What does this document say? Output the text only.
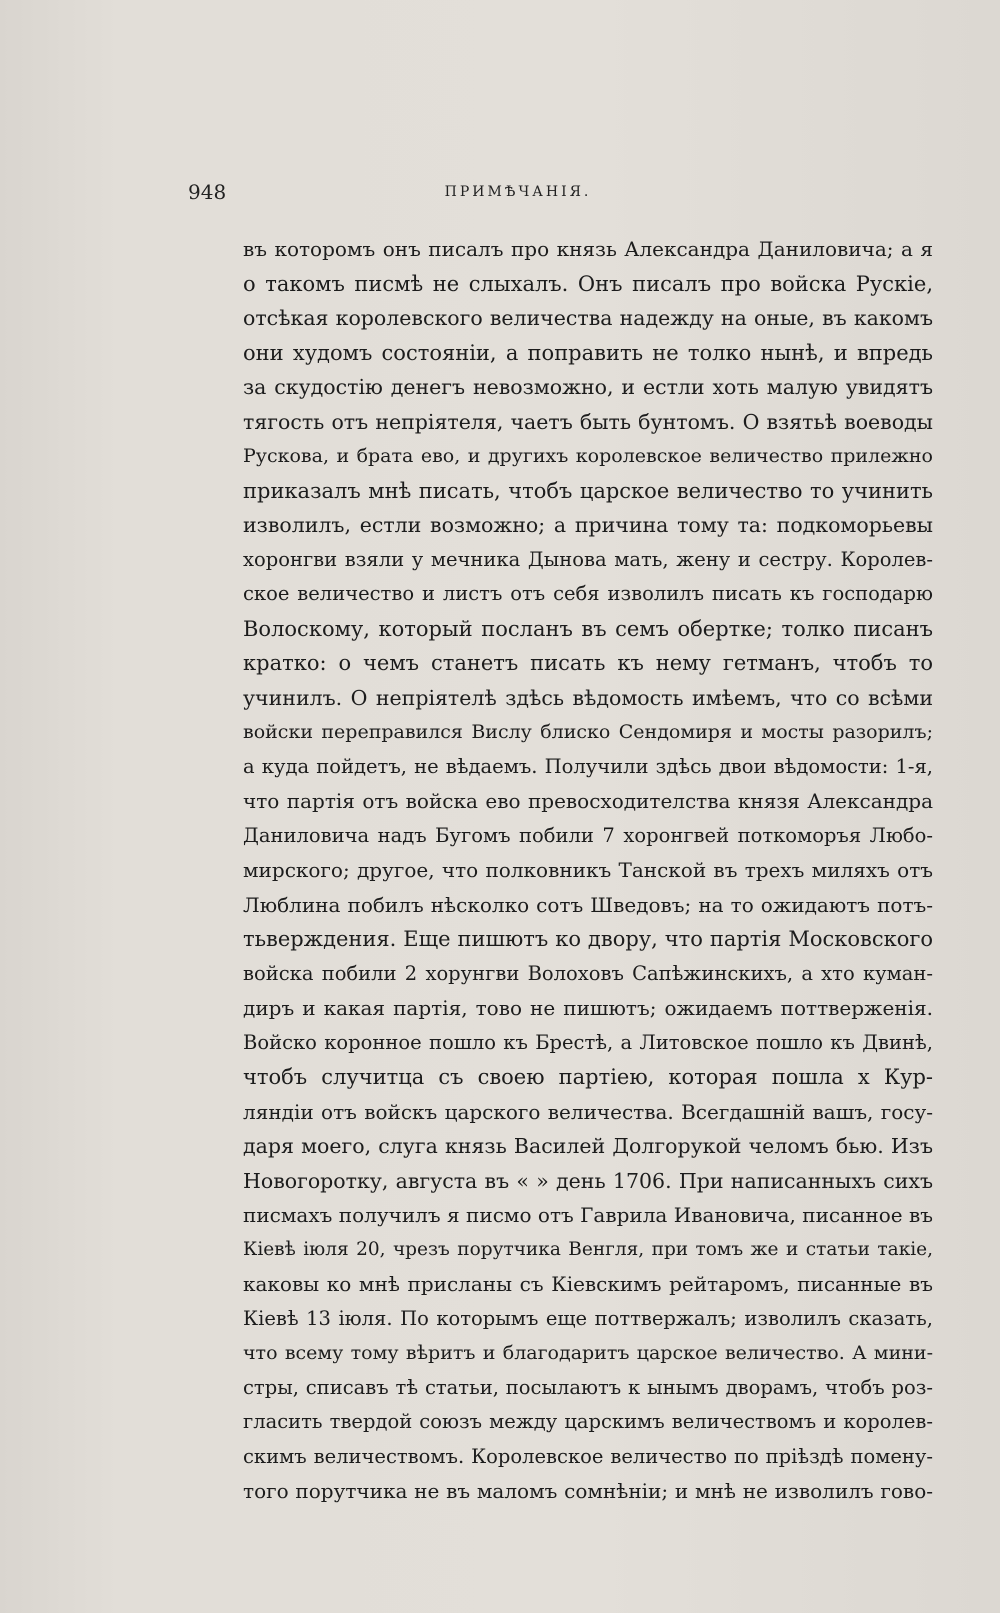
948	ПРИМѢЧАНІЯ.
въ которомъ онъ писалъ про князь Александра Даниловича; а я
о такомъ писмѣ не слыхалъ. Онъ писалъ про войска Рускіе,
отсѣкая королевского величества надежду на оные, въ какомъ
они худомъ состояніи, а поправить не толко нынѣ, и впредь
за скудостію денегъ невозможно, и естли хоть малую увидятъ
тягость отъ непріятеля, чаетъ быть бунтомъ. О взятьѣ воеводы
Рускова, и брата ево, и другихъ королевское величество прилежно
приказалъ мнѣ писать, чтобъ царское величество то учинить
изволилъ, естли возможно; а причина тому та: подкоморьевы
хоронгви взяли у мечника Дынова мать, жену и сестру. Королев-
ское величество и листъ отъ себя изволилъ писать къ господарю
Волоскому, который посланъ въ семъ обертке; толко писанъ
кратко: о чемъ станетъ писать къ нему гетманъ, чтобъ то
учинилъ. О непріятелѣ здѣсь вѣдомость имѣемъ, что со всѣми
войски переправился Вислу блиско Сендомиря и мосты разорилъ;
а куда пойдетъ, не вѣдаемъ. Получили здѣсь двои вѣдомости: 1-я,
что партія отъ войска ево превосходителства князя Александра
Даниловича надъ Бугомъ побили 7 хоронгвей поткоморъя Любо-
мирского; другое, что полковникъ Танской въ трехъ миляхъ отъ
Люблина побилъ нѣсколко сотъ Шведовъ; на то ожидаютъ потъ-
тьверждения. Еще пишютъ ко двору, что партія Московского
войска побили 2 хорунгви Волоховъ Сапѣжинскихъ, а хто куман-
диръ и какая партія, тово не пишютъ; ожидаемъ поттверженія.
Войско коронное пошло къ Брестѣ, а Литовское пошло къ Двинѣ,
чтобъ случитца съ своею партіею, которая пошла х Кур-
ляндіи отъ войскъ царского величества. Всегдашній вашъ, госу-
даря моего, слуга князь Василей Долгорукой челомъ бью. Изъ
Новогоротку, августа въ « » день 1706. При написанныхъ сихъ
писмахъ получилъ я писмо отъ Гаврила Ивановича, писанное въ
Кіевѣ іюля 20, чрезъ порутчика Венгля, при томъ же и статьи такіе,
каковы ко мнѣ присланы съ Кіевскимъ рейтаромъ, писанные въ
Кіевѣ 13 іюля. По которымъ еще поттвержалъ; изволилъ сказать,
что всему тому вѣритъ и благодаритъ царское величество. А мини-
стры, списавъ тѣ статьи, посылаютъ к ынымъ дворамъ, чтобъ роз-
гласить твердой союзъ между царскимъ величествомъ и королев-
скимъ величествомъ. Королевское величество по пріѣздѣ помену-
того порутчика не въ маломъ сомнѣніи; и мнѣ не изволилъ гово-
